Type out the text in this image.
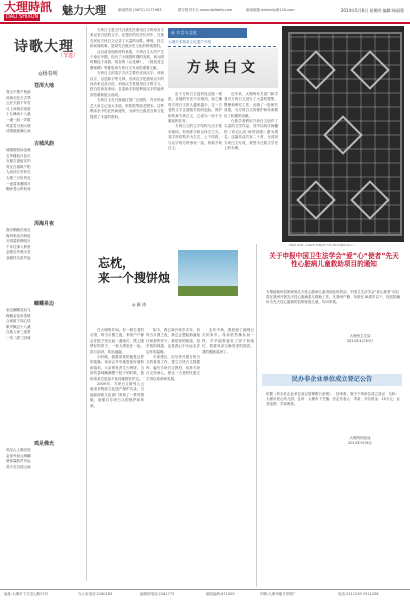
大理時訊
DALI SHIXUN 魅力大理	新闻热线 (0872) 2171983	数字报刊平台 www.dalidaily.com	新闻邮箱 dalidaily@126.com	2014年5月8日 星期四 编辑:杨丽菊
诗歌大理
（节选）
◎杨春明
苍洱大地
苍山不墨千秋画
洱海无弦万古琴
云开天碧千年雪
月上洱海万顷波
十九峰间十八溪
一溪一韵一声歌
风花雪月到大理
诗情画意满心间
古城风韵
城墙斑驳诉沧桑
五华楼前月色长
石板古道留足印
青瓦白墙映夕阳
人间四月芳菲尽
大理三月好风光
一壶清茶邀明月
醉卧苍山听松涛
洱海月夜
渔舟唱晚归来迟
海风吹动白帆低
万顷碧波映明月
千年往事入梦里
金梭岛外渔火亮
双廊村头笛声起
蝴蝶泉边
泉边蝴蝶双双飞
阿鹏金花诉衷情
合欢树下同心结
歌声飘过十八溪
白族人家三道茶
一苦二甜三回味
鸡足佛光
鸡足山上佛光现
金顶寺前云海翻
晨钟暮鼓声声远
香火袅袅绕山间

方块白文是古代白族先民借用汉字的形音义来记录白语的文字。在漫长的历史长河中，白族先民用方块白文记录了大量的诗歌、碑刻、经文和民间故事，是研究白族历史文化的珍贵资料。

从目前发现的材料来看，方块白文大约产生于南诏中期，经历了大理国时期的发展，到元明时期趋于成熟。现存的《山花碑》、《段信苴宝摩崖碑》等都是用方块白文写成的重要文献。

方块白文的造字方法主要有音读汉字、训读汉字、自造新字等几种。音读汉字是借用汉字的读音来记录白语；训读汉字是借用汉字的字义，按白语读音来读；自造新字则是利用汉字的偏旁部首重新组合而成。

方块白文在白族地区曾广泛流传，许多民间艺人用它记录大本曲、吹吹腔等曲艺唱本。这些唱本至今仍在民间流传，为研究白族语言和文化提供了丰富的资料。

◎ 方言与文化
大理市非物质文化遗产介绍
方块白文

由于方块白文没有经过统一规范，各地的写法不尽相同，加之懂得方块白文的人越来越少，这一古老的文字正面临失传的危险。保护和传承方块白文，已成为一项十分紧迫的任务。

方块白文的文字结构与汉字基本相同，有独体字和合体字之分。其字形结构多为左右、上下结构，与汉字的方块形状一致，故称方块白文。

近年来，大理州有关部门和学者对方块白文进行了大量的搜集、整理和研究工作，出版了一批研究成果，为方块白文的保护和传承做出了积极的贡献。

白族学者利用方块白文创作了大量的文学作品，其中以明代杨黼的《词记山花·咏苍洱境》最为著名。这篇作品共有二十首，全部用方块白文写成，被誉为白族文学史上的丰碑。

忘枕，
来一个搜饼烛
◎ 新 涛

在大理的乡间，有一种古老的习俗，每当月圆之夜，家家户户都会在院子里点起一盏烛灯，摆上刚烤好的饼子，一家人围坐在一起，赏月品饼，其乐融融。

小时候，我最喜欢的就是这样的夜晚。母亲会早早地准备好面粉和馅料，父亲则负责生火烤饼。当饼的香味飘满整个院子的时候，我和弟弟总是迫不及待地围在炉边。

2009年，方块白文被列入云南省非物质文化遗产保护名录。当地政府和文化部门采取了一系列措施，加强对方块白文的保护和传承。

如今，我已离开家乡多年，但每当月圆之夜，我总会想起那盏烛灯和那些饼子。那是家的味道，是乡愁的味道，也是我心中永远无法忘怀的温暖。

专家建议，应尽快开展方块白文的普查工作，建立方块白文数据库，编写方块白文教材，培养方块白文传承人，使这一古老的民族文字得以传承和发展。

去年中秋，我回到了阔别已久的家乡。母亲依然像从前一样，早早地准备好了饼子和烛灯。看着母亲日渐苍老的面容，我的眼眶湿润了。

关于申报中国卫生法学会“爱”心“使者”先天性心脏病儿童救助项目的通知
为帮助我州贫困家庭先天性心脏病儿童得到及时救治，中国卫生法学会“爱心使者”项目将在我州开展先天性心脏病患儿救助工作。凡我州户籍、年龄在18周岁以下、经医院确诊为先天性心脏病的贫困家庭儿童，均可申报。
大理州卫生局
2014年4月30日
民办非企业单位成立登记公告
依据《民办非企业单位登记管理暂行条例》，经审查，准予下列单位成立登记：名称：大理市爱心幼儿园；住所：大理市下关镇；法定代表人：李某；开办资金：10万元；业务范围：学前教育。
大理州民政局
2014年5月6日
地址:大理市下关龙山路23号	办公室电话:2160183	编辑部电话:2181773	邮政编码:671000	印刷:大理州地方印刷厂	电话:2511259 2511258
